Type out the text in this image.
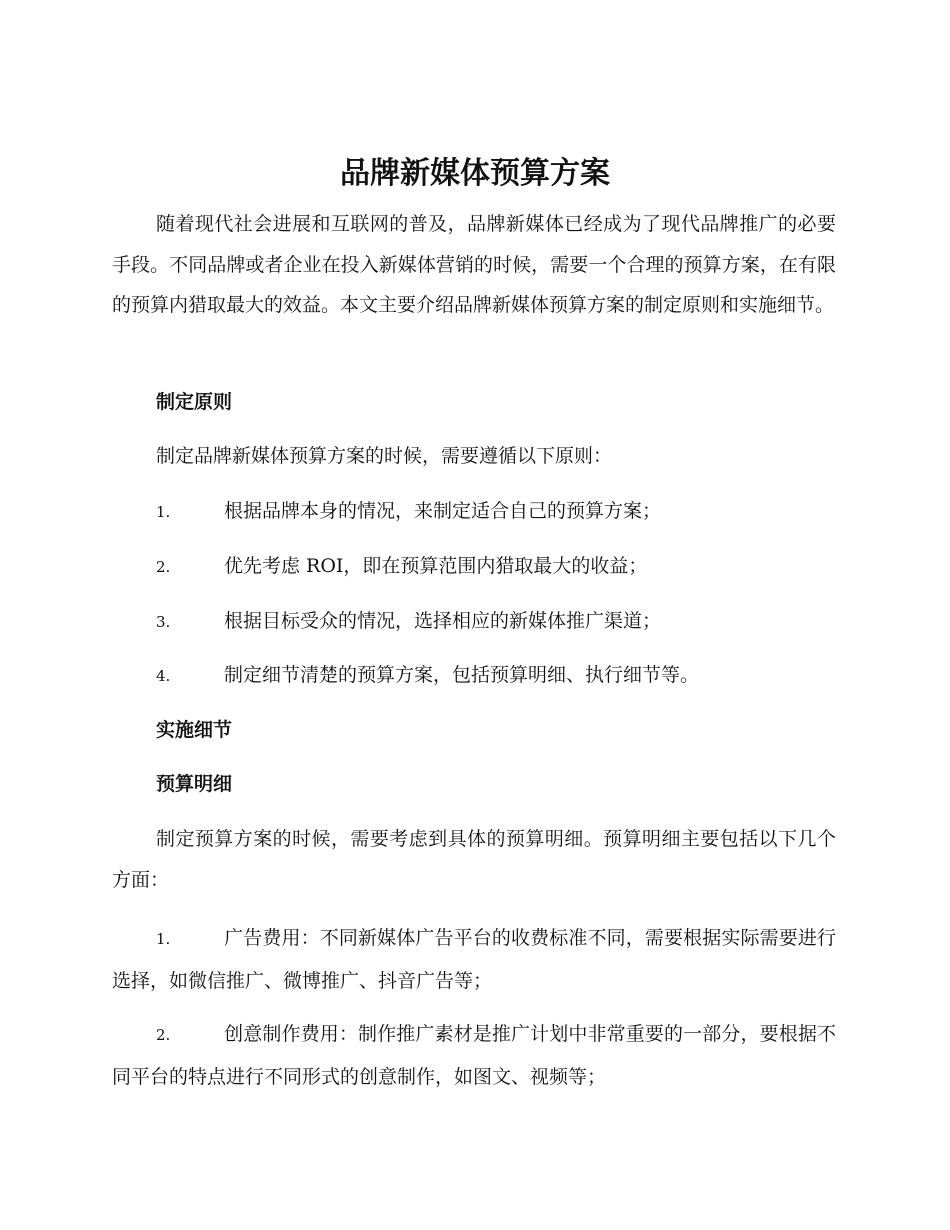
品牌新媒体预算方案

随着现代社会进展和互联网的普及，品牌新媒体已经成为了现代品牌推广的必要手段。不同品牌或者企业在投入新媒体营销的时候，需要一个合理的预算方案，在有限的预算内猎取最大的效益。本文主要介绍品牌新媒体预算方案的制定原则和实施细节。

制定原则

制定品牌新媒体预算方案的时候，需要遵循以下原则：

1.	根据品牌本身的情况，来制定适合自己的预算方案；
2.	优先考虑 ROI，即在预算范围内猎取最大的收益；
3.	根据目标受众的情况，选择相应的新媒体推广渠道；
4.	制定细节清楚的预算方案，包括预算明细、执行细节等。
实施细节
预算明细

制定预算方案的时候，需要考虑到具体的预算明细。预算明细主要包括以下几个方面：

1.	广告费用：不同新媒体广告平台的收费标准不同，需要根据实际需要进行选择，如微信推广、微博推广、抖音广告等；
2.	创意制作费用：制作推广素材是推广计划中非常重要的一部分，要根据不同平台的特点进行不同形式的创意制作，如图文、视频等；
